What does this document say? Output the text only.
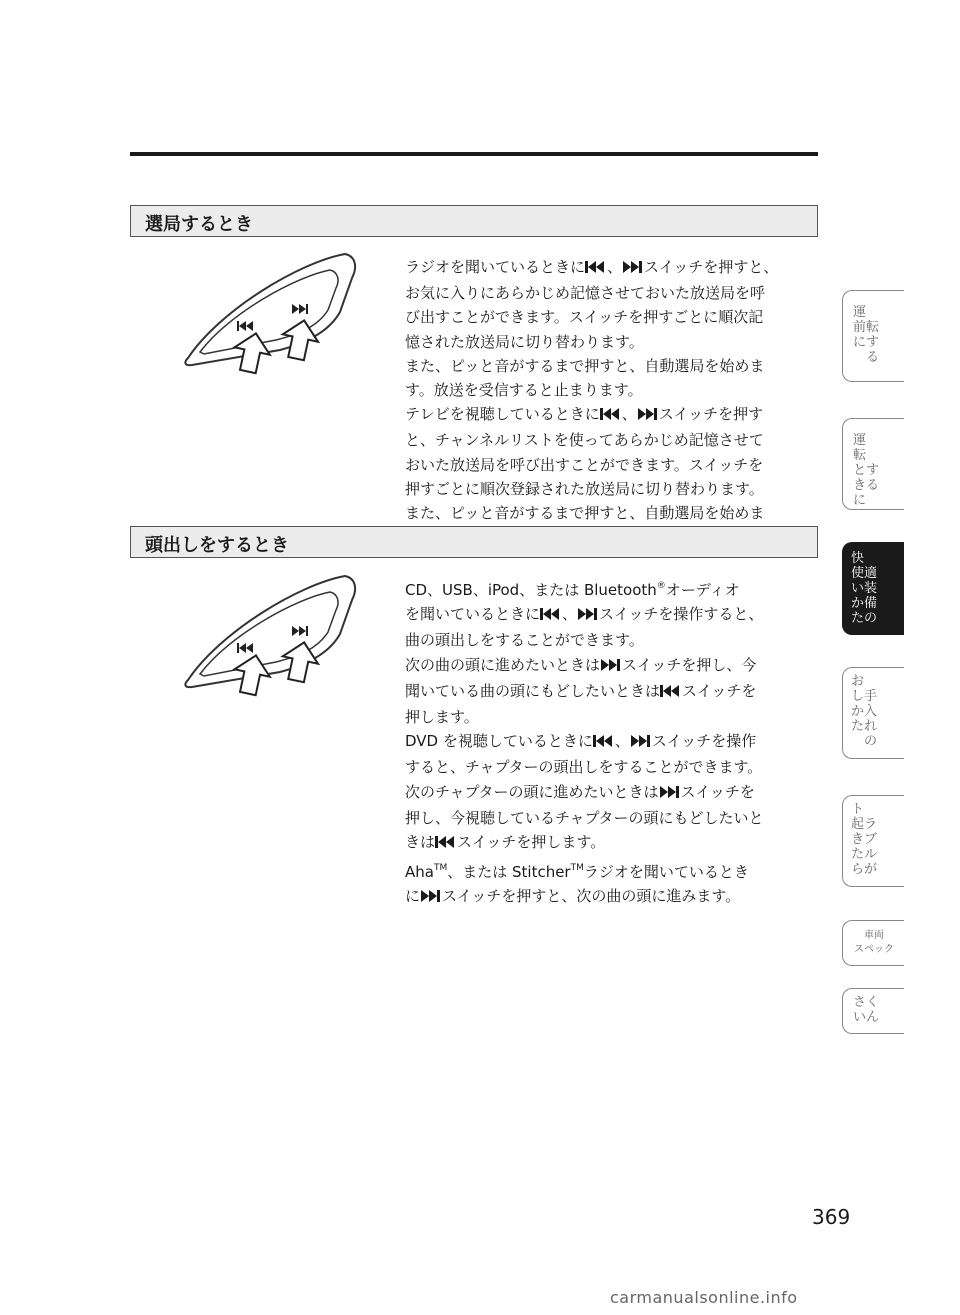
選局するとき

ラジオを聞いているときに 、 スイッチを押すと、

お気に入りにあらかじめ記憶させておいた放送局を呼

び出すことができます。スイッチを押すごとに順次記

憶された放送局に切り替わります。

また、ピッと音がするまで押すと、自動選局を始めま

す。放送を受信すると止まります。

テレビを視聴しているときに 、 スイッチを押す

と、チャンネルリストを使ってあらかじめ記憶させて

おいた放送局を呼び出すことができます。スイッチを

押すごとに順次登録された放送局に切り替わります。

また、ピッと音がするまで押すと、自動選局を始めま

頭出しをするとき

CD、USB、iPod、または Bluetooth®オーディオ

を聞いているときに 、 スイッチを操作すると、

曲の頭出しをすることができます。

次の曲の頭に進めたいときは スイッチを押し、今

聞いている曲の頭にもどしたいときは スイッチを

押します。

DVD を視聴しているときに 、 スイッチを操作

すると、チャプターの頭出しをすることができます。

次のチャプターの頭に進めたいときは スイッチを

押し、今視聴しているチャプターの頭にもどしたいと

きは スイッチを押します。

Aha™、または Stitcher™ラジオを聞いているとき

に スイッチを押すと、次の曲の頭に進みます。

運
前転
にす
　る
運
転
とす
きる
に
快
使適
い装
か備
たの
お
し手
か入
たれ
　の
ト
起ラ
きブ
たル
らが
車両
スペック
さく
いん
369
carmanualsonline.info
